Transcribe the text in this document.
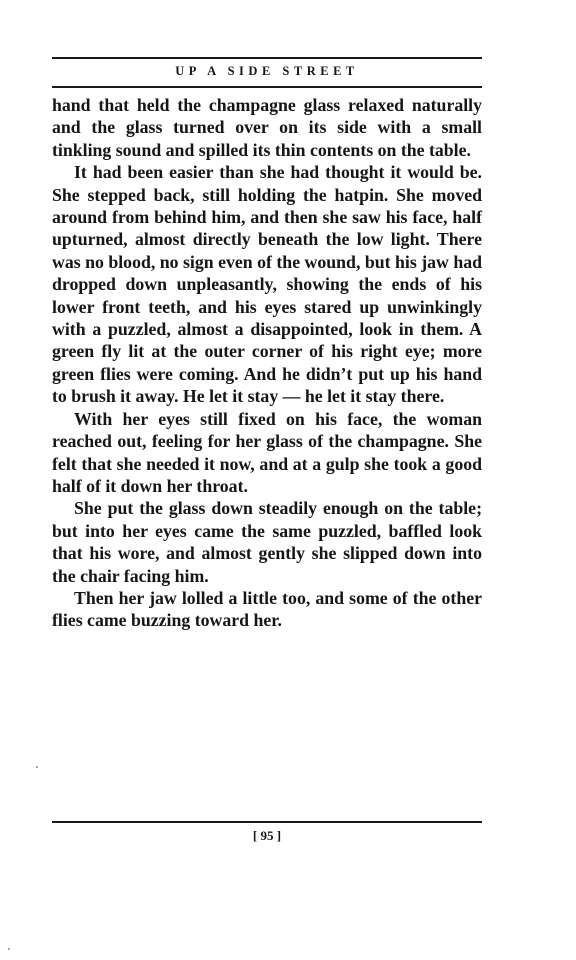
UP A SIDE STREET

hand that held the champagne glass relaxed naturally and the glass turned over on its side with a small tinkling sound and spilled its thin contents on the table.

It had been easier than she had thought it would be. She stepped back, still holding the hatpin. She moved around from behind him, and then she saw his face, half upturned, almost directly beneath the low light. There was no blood, no sign even of the wound, but his jaw had dropped down unpleasantly, showing the ends of his lower front teeth, and his eyes stared up unwinkingly with a puzzled, almost a disappointed, look in them. A green fly lit at the outer corner of his right eye; more green flies were coming. And he didn’t put up his hand to brush it away. He let it stay — he let it stay there.

With her eyes still fixed on his face, the woman reached out, feeling for her glass of the champagne. She felt that she needed it now, and at a gulp she took a good half of it down her throat.

She put the glass down steadily enough on the table; but into her eyes came the same puzzled, baffled look that his wore, and almost gently she slipped down into the chair facing him.

Then her jaw lolled a little too, and some of the other flies came buzzing toward her.

[ 95 ]
